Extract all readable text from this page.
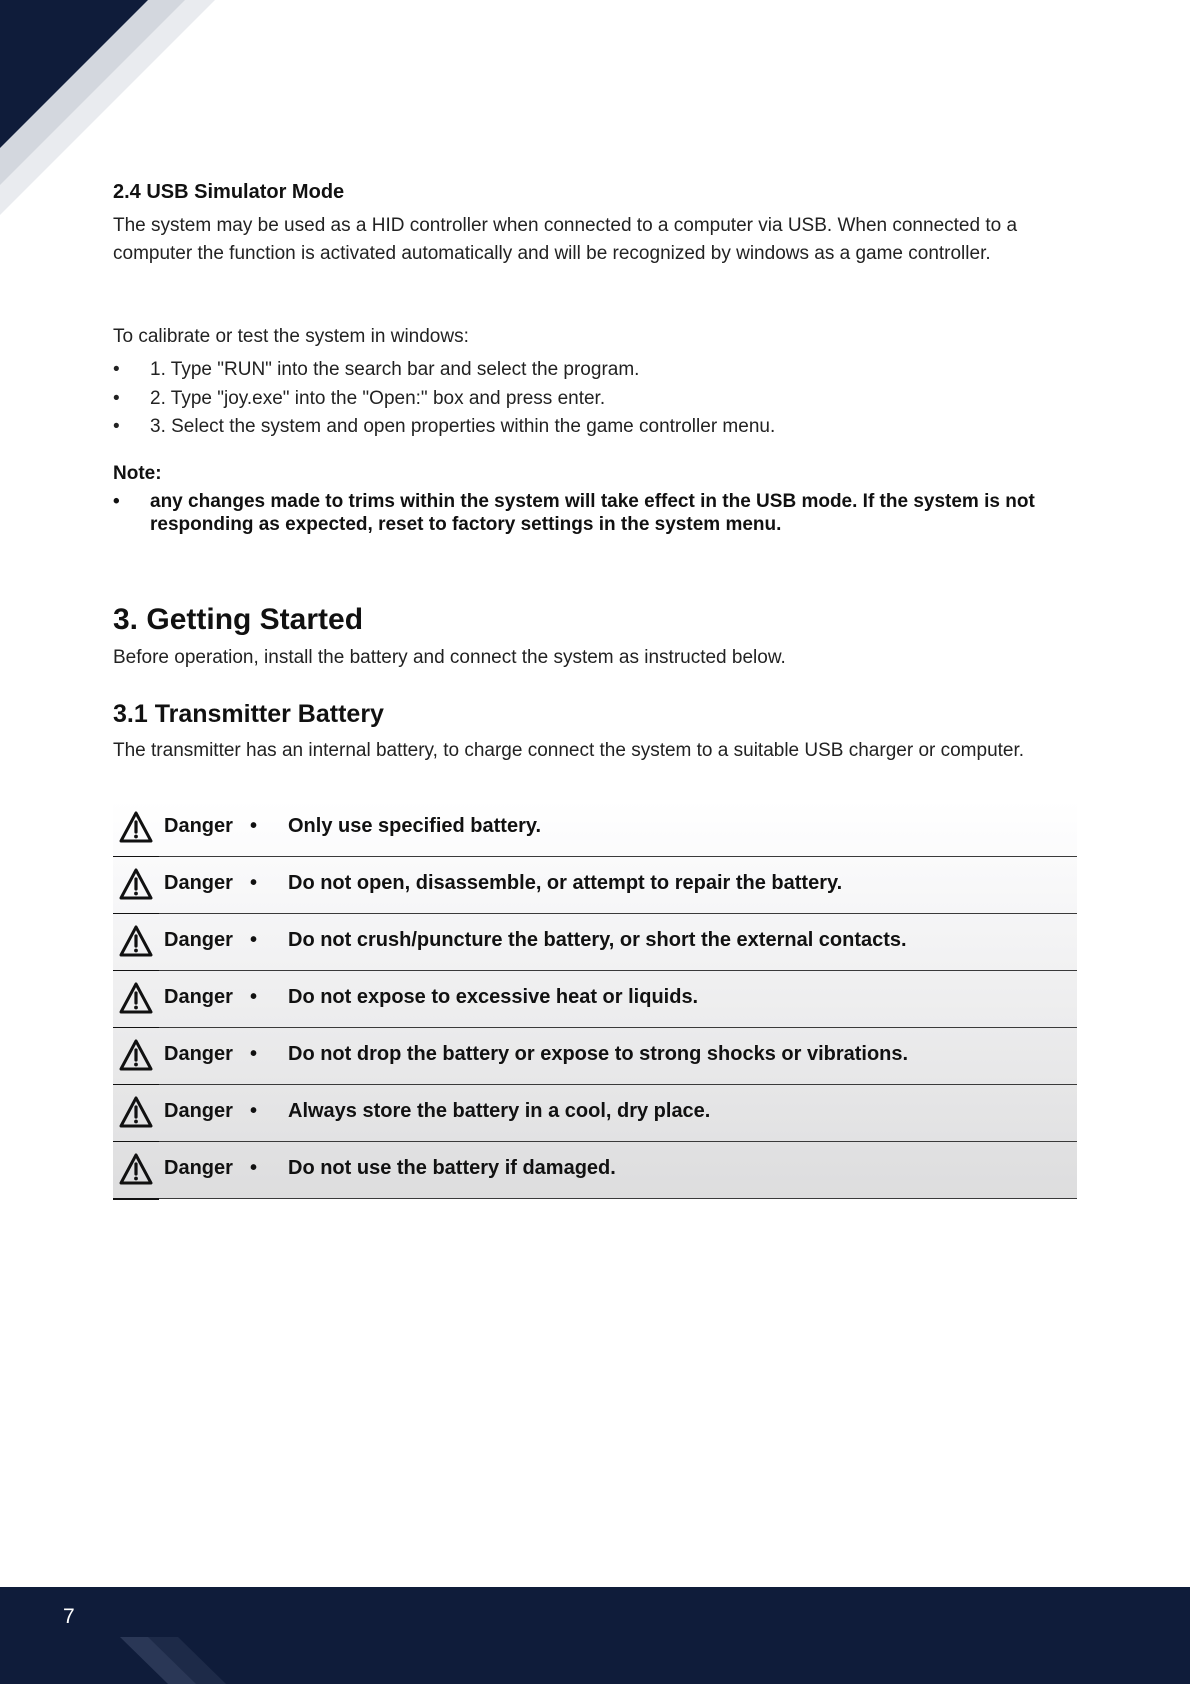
2.4 USB Simulator Mode
The system may be used as a HID controller when connected to a computer via USB. When connected to a computer the function is activated automatically and will be recognized by windows as a game controller.
To calibrate or test the system in windows:
• 1. Type "RUN" into the search bar and select the program.
• 2. Type "joy.exe" into the "Open:" box and press enter.
• 3. Select the system and open properties within the game controller menu.
Note:
• any changes made to trims within the system will take effect in the USB mode. If the system is not responding as expected, reset to factory settings in the system menu.
3. Getting Started
Before operation, install the battery and connect the system as instructed below.
3.1 Transmitter Battery
The transmitter has an internal battery, to charge connect the system to a suitable USB charger or computer.
Danger • Only use specified battery.
Danger • Do not open, disassemble, or attempt to repair the battery.
Danger • Do not crush/puncture the battery, or short the external contacts.
Danger • Do not expose to excessive heat or liquids.
Danger • Do not drop the battery or expose to strong shocks or vibrations.
Danger • Always store the battery in a cool, dry place.
Danger • Do not use the battery if damaged.
7
